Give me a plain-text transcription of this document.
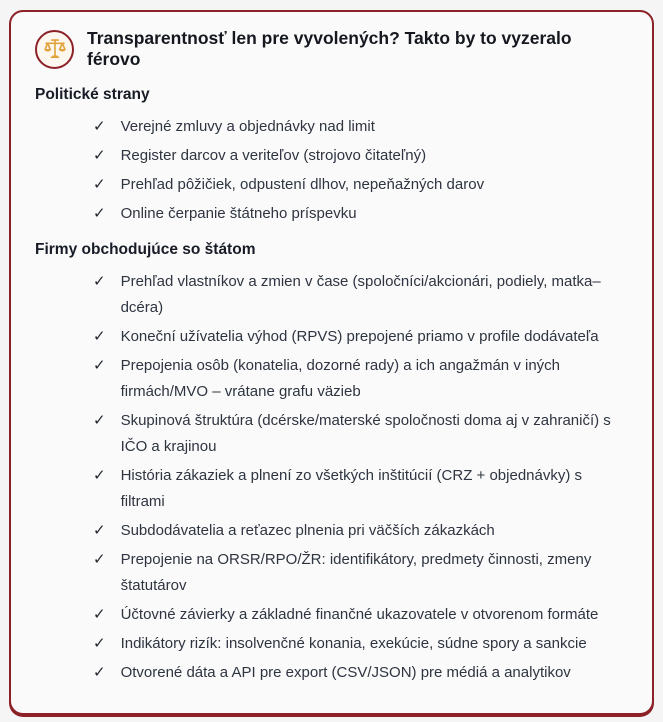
Transparentnosť len pre vyvolených? Takto by to vyzeralo férovo
Politické strany
✓ Verejné zmluvy a objednávky nad limit
✓ Register darcov a veriteľov (strojovo čitateľný)
✓ Prehľad pôžičiek, odpustení dlhov, nepeňažných darov
✓ Online čerpanie štátneho príspevku
Firmy obchodujúce so štátom
✓ Prehľad vlastníkov a zmien v čase (spoločníci/akcionári, podiely, matka–dcéra)
✓ Koneční užívatelia výhod (RPVS) prepojené priamo v profile dodávateľa
✓ Prepojenia osôb (konatelia, dozorné rady) a ich angažmán v iných firmách/MVO – vrátane grafu väzieb
✓ Skupinová štruktúra (dcérske/materské spoločnosti doma aj v zahraničí) s IČO a krajinou
✓ História zákaziek a plnení zo všetkých inštitúcií (CRZ + objednávky) s filtrami
✓ Subdodávatelia a reťazec plnenia pri väčších zákazkách
✓ Prepojenie na ORSR/RPO/ŽR: identifikátory, predmety činnosti, zmeny štatutárov
✓ Účtovné závierky a základné finančné ukazovatele v otvorenom formáte
✓ Indikátory rizík: insolvenčné konania, exekúcie, súdne spory a sankcie
✓ Otvorené dáta a API pre export (CSV/JSON) pre médiá a analytikov
